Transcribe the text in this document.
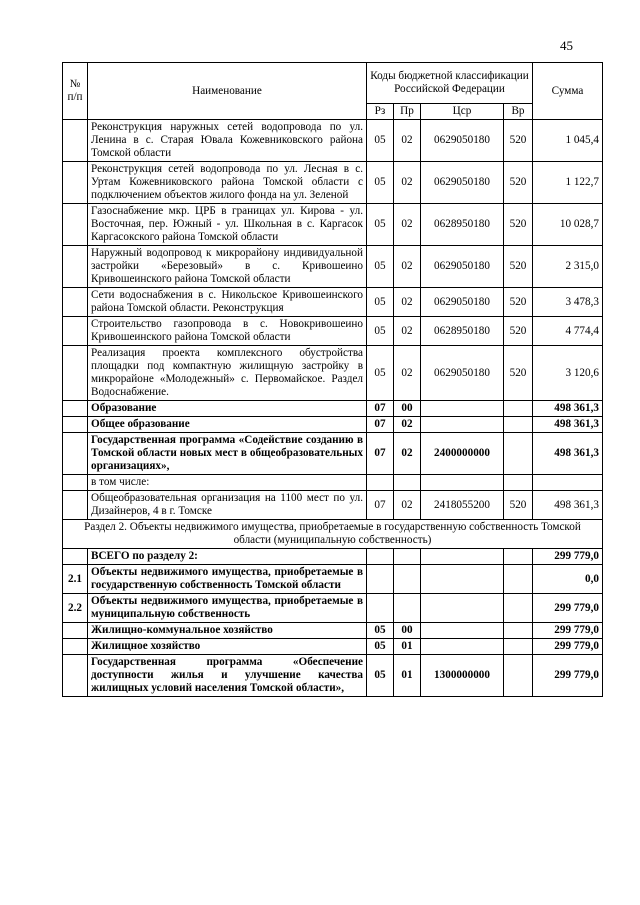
45
№ п/п	Наименование	Коды бюджетной классификации Российской Федерации				Сумма
		Рз	Пр	Цср	Вр	
	Реконструкция наружных сетей водопровода по ул. Ленина в с. Старая Ювала Кожевниковского района Томской области	05	02	0629050180	520	1 045,4
	Реконструкция сетей водопровода по ул. Лесная в с. Уртам Кожевниковского района Томской области с подключением объектов жилого фонда на ул. Зеленой	05	02	0629050180	520	1 122,7
	Газоснабжение мкр. ЦРБ в границах ул. Кирова - ул. Восточная, пер. Южный - ул. Школьная в с. Каргасок Каргасокского района Томской области	05	02	0628950180	520	10 028,7
	Наружный водопровод к микрорайону индивидуальной застройки «Березовый» в с. Кривошеино Кривошеинского района Томской области	05	02	0629050180	520	2 315,0
	Сети водоснабжения в с. Никольское Кривошеинского района Томской области. Реконструкция	05	02	0629050180	520	3 478,3
	Строительство газопровода в с. Новокривошеино Кривошеинского района Томской области	05	02	0628950180	520	4 774,4
	Реализация проекта комплексного обустройства площадки под компактную жилищную застройку в микрорайоне «Молодежный» с. Первомайское. Раздел Водоснабжение.	05	02	0629050180	520	3 120,6
	Образование	07	00			498 361,3
	Общее образование	07	02			498 361,3
	Государственная программа «Содействие созданию в Томской области новых мест в общеобразовательных организациях»,	07	02	2400000000		498 361,3
	в том числе:					
	Общеобразовательная организация на 1100 мест по ул. Дизайнеров, 4 в г. Томске	07	02	2418055200	520	498 361,3
Раздел 2. Объекты недвижимого имущества, приобретаемые в государственную собственность Томской области (муниципальную собственность)						
	ВСЕГО по разделу 2:					299 779,0
2.1	Объекты недвижимого имущества, приобретаемые в государственную собственность Томской области					0,0
2.2	Объекты недвижимого имущества, приобретаемые в муниципальную собственность					299 779,0
	Жилищно-коммунальное хозяйство	05	00			299 779,0
	Жилищное хозяйство	05	01			299 779,0
	Государственная программа «Обеспечение доступности жилья и улучшение качества жилищных условий населения Томской области»,	05	01	1300000000		299 779,0
